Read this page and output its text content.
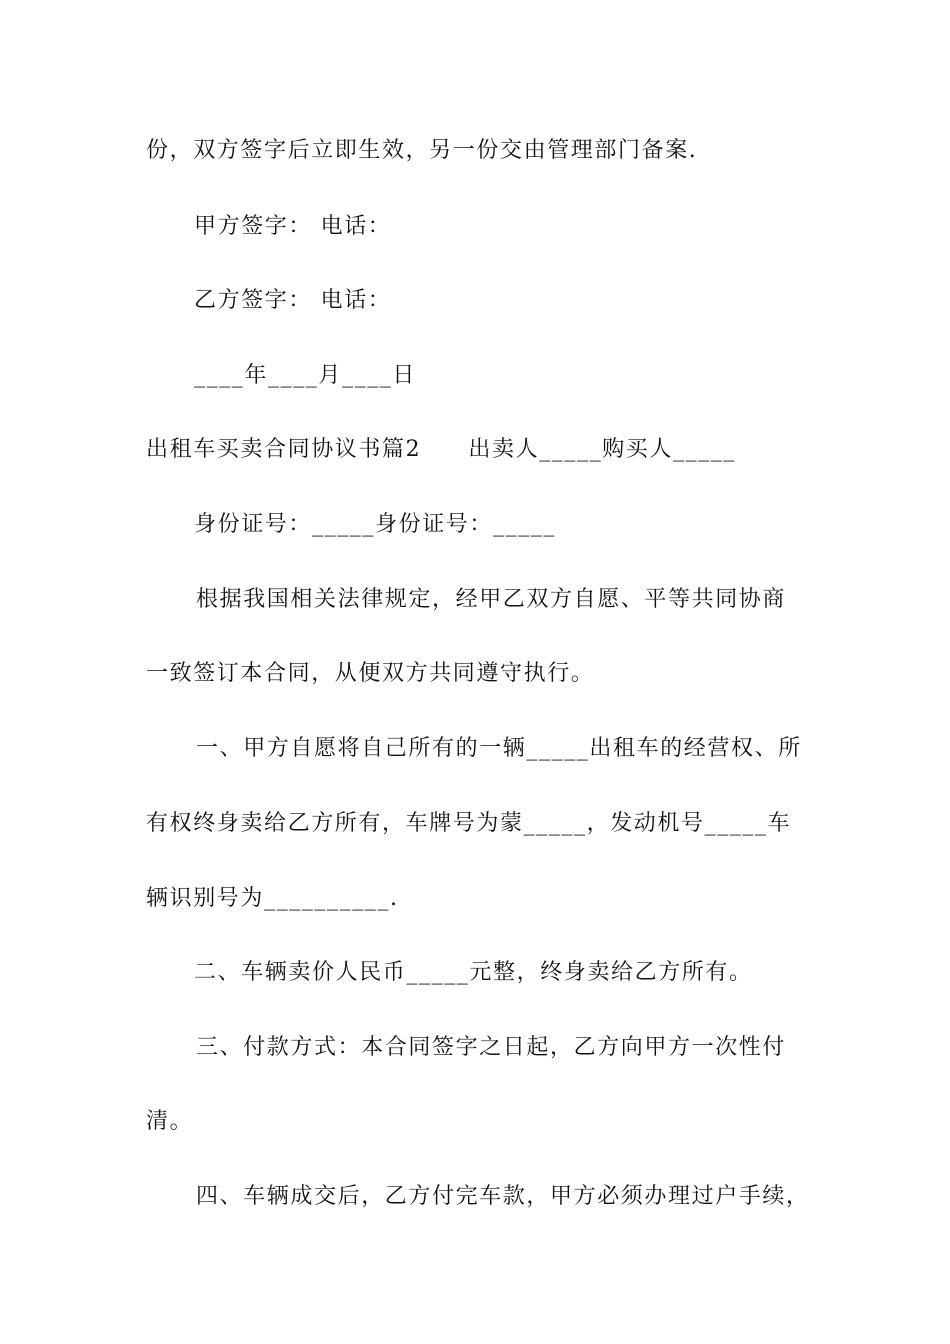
份，双方签字后立即生效，另一份交由管理部门备案.
甲方签字： 电话：
乙方签字： 电话：
____年____月____日
出租车买卖合同协议书篇2　　出卖人_____购买人_____
身份证号：_____身份证号：_____
根据我国相关法律规定，经甲乙双方自愿、平等共同协商
一致签订本合同，从便双方共同遵守执行。
一、甲方自愿将自己所有的一辆_____出租车的经营权、所
有权终身卖给乙方所有，车牌号为蒙_____，发动机号_____车
辆识别号为__________.
二、车辆卖价人民币_____元整，终身卖给乙方所有。
三、付款方式：本合同签字之日起，乙方向甲方一次性付
清。
四、车辆成交后，乙方付完车款，甲方必须办理过户手续，
